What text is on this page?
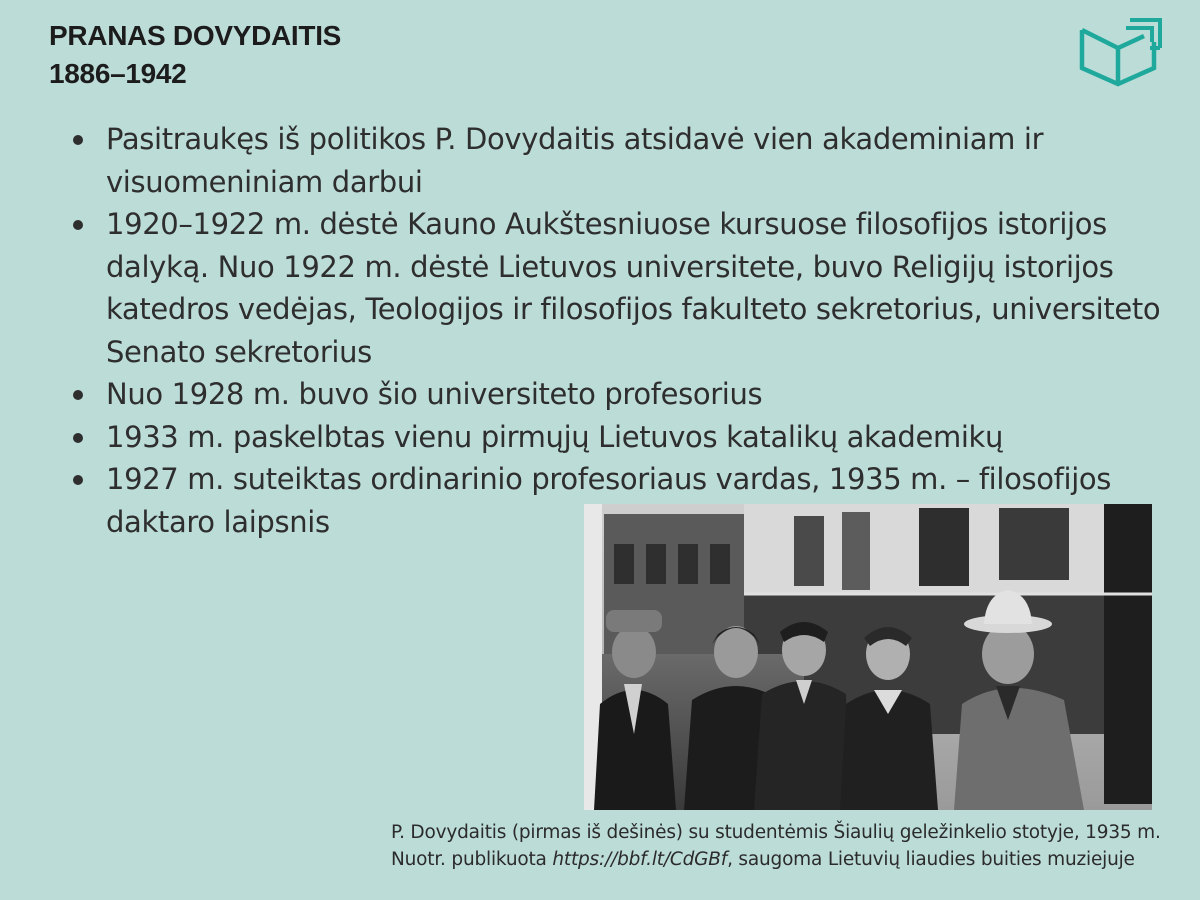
PRANAS DOVYDAITIS
1886–1942
Pasitraukęs iš politikos P. Dovydaitis atsidavė vien akademiniam ir visuomeniniam darbui
1920–1922 m. dėstė Kauno Aukštesniuose kursuose filosofijos istorijos dalyką. Nuo 1922 m. dėstė Lietuvos universitete, buvo Religijų istorijos katedros vedėjas, Teologijos ir filosofijos fakulteto sekretorius, universiteto Senato sekretorius
Nuo 1928 m. buvo šio universiteto profesorius
1933 m. paskelbtas vienu pirmųjų Lietuvos katalikų akademikų
1927 m. suteiktas ordinarinio profesoriaus vardas, 1935 m. – filosofijos daktaro laipsnis
P. Dovydaitis (pirmas iš dešinės) su studentėmis Šiaulių geležinkelio stotyje, 1935 m. Nuotr. publikuota https://bbf.lt/CdGBf, saugoma Lietuvių liaudies buities muziejuje
